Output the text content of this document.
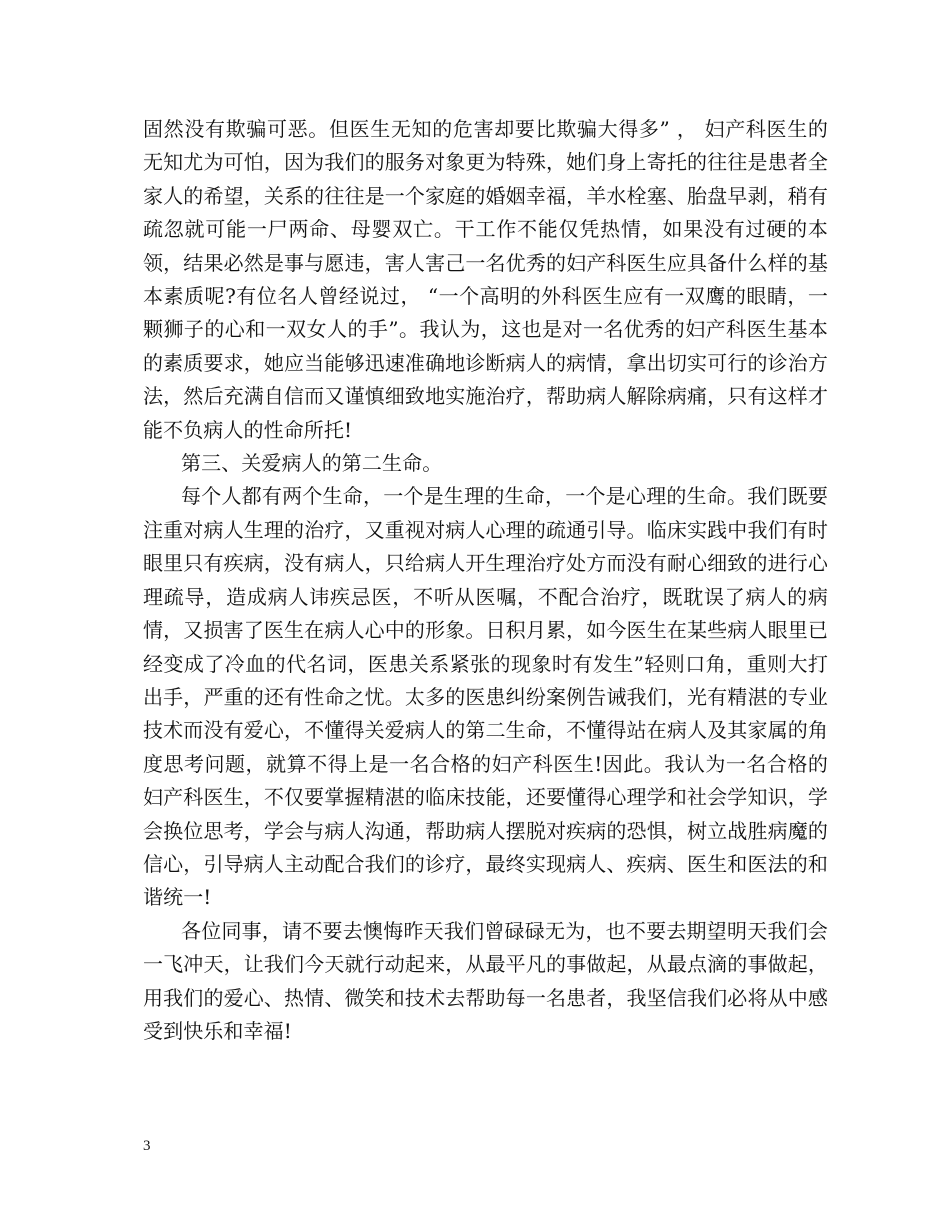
固然没有欺骗可恶。但医生无知的危害却要比欺骗大得多” ， 妇产科医生的无知尤为可怕，因为我们的服务对象更为特殊，她们身上寄托的往往是患者全家人的希望，关系的往往是一个家庭的婚姻幸福，羊水栓塞、胎盘早剥，稍有疏忽就可能一尸两命、母婴双亡。干工作不能仅凭热情，如果没有过硬的本领，结果必然是事与愿违，害人害己一名优秀的妇产科医生应具备什么样的基本素质呢?有位名人曾经说过， “一个高明的外科医生应有一双鹰的眼睛，一颗狮子的心和一双女人的手”。我认为，这也是对一名优秀的妇产科医生基本的素质要求，她应当能够迅速准确地诊断病人的病情，拿出切实可行的诊治方法，然后充满自信而又谨慎细致地实施治疗，帮助病人解除病痛，只有这样才能不负病人的性命所托!

第三、关爱病人的第二生命。

每个人都有两个生命，一个是生理的生命，一个是心理的生命。我们既要注重对病人生理的治疗，又重视对病人心理的疏通引导。临床实践中我们有时眼里只有疾病，没有病人，只给病人开生理治疗处方而没有耐心细致的进行心理疏导，造成病人讳疾忌医，不听从医嘱，不配合治疗，既耽误了病人的病情，又损害了医生在病人心中的形象。日积月累，如今医生在某些病人眼里已经变成了冷血的代名词，医患关系紧张的现象时有发生”轻则口角，重则大打出手，严重的还有性命之忧。太多的医患纠纷案例告诫我们，光有精湛的专业技术而没有爱心，不懂得关爱病人的第二生命，不懂得站在病人及其家属的角度思考问题，就算不得上是一名合格的妇产科医生!因此。我认为一名合格的妇产科医生，不仅要掌握精湛的临床技能，还要懂得心理学和社会学知识，学会换位思考，学会与病人沟通，帮助病人摆脱对疾病的恐惧，树立战胜病魔的信心，引导病人主动配合我们的诊疗，最终实现病人、疾病、医生和医法的和谐统一!

各位同事，请不要去懊悔昨天我们曾碌碌无为，也不要去期望明天我们会一飞冲天，让我们今天就行动起来，从最平凡的事做起，从最点滴的事做起，用我们的爱心、热情、微笑和技术去帮助每一名患者，我坚信我们必将从中感受到快乐和幸福!

3
